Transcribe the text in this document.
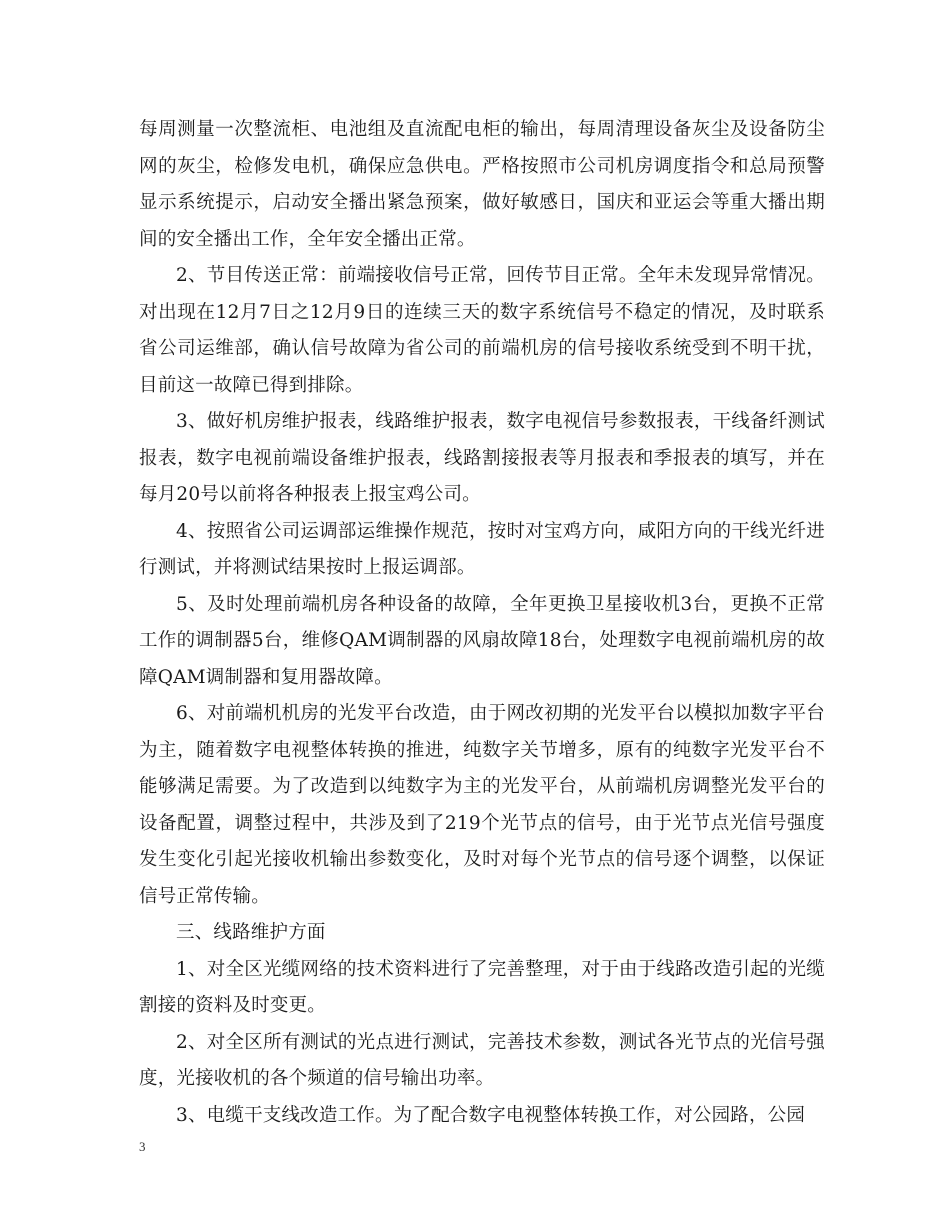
每周测量一次整流柜、电池组及直流配电柜的输出，每周清理设备灰尘及设备防尘网的灰尘，检修发电机，确保应急供电。严格按照市公司机房调度指令和总局预警显示系统提示，启动安全播出紧急预案，做好敏感日，国庆和亚运会等重大播出期间的安全播出工作，全年安全播出正常。

2、节目传送正常：前端接收信号正常，回传节目正常。全年未发现异常情况。对出现在12月7日之12月9日的连续三天的数字系统信号不稳定的情况，及时联系省公司运维部，确认信号故障为省公司的前端机房的信号接收系统受到不明干扰，目前这一故障已得到排除。

3、做好机房维护报表，线路维护报表，数字电视信号参数报表，干线备纤测试报表，数字电视前端设备维护报表，线路割接报表等月报表和季报表的填写，并在每月20号以前将各种报表上报宝鸡公司。

4、按照省公司运调部运维操作规范，按时对宝鸡方向，咸阳方向的干线光纤进行测试，并将测试结果按时上报运调部。

5、及时处理前端机房各种设备的故障，全年更换卫星接收机3台，更换不正常工作的调制器5台，维修QAM调制器的风扇故障18台，处理数字电视前端机房的故障QAM调制器和复用器故障。

6、对前端机机房的光发平台改造，由于网改初期的光发平台以模拟加数字平台为主，随着数字电视整体转换的推进，纯数字关节增多，原有的纯数字光发平台不能够满足需要。为了改造到以纯数字为主的光发平台，从前端机房调整光发平台的设备配置，调整过程中，共涉及到了219个光节点的信号，由于光节点光信号强度发生变化引起光接收机输出参数变化，及时对每个光节点的信号逐个调整，以保证信号正常传输。

三、线路维护方面

1、对全区光缆网络的技术资料进行了完善整理，对于由于线路改造引起的光缆割接的资料及时变更。

2、对全区所有测试的光点进行测试，完善技术参数，测试各光节点的光信号强度，光接收机的各个频道的信号输出功率。

3、电缆干支线改造工作。为了配合数字电视整体转换工作，对公园路，公园

3
